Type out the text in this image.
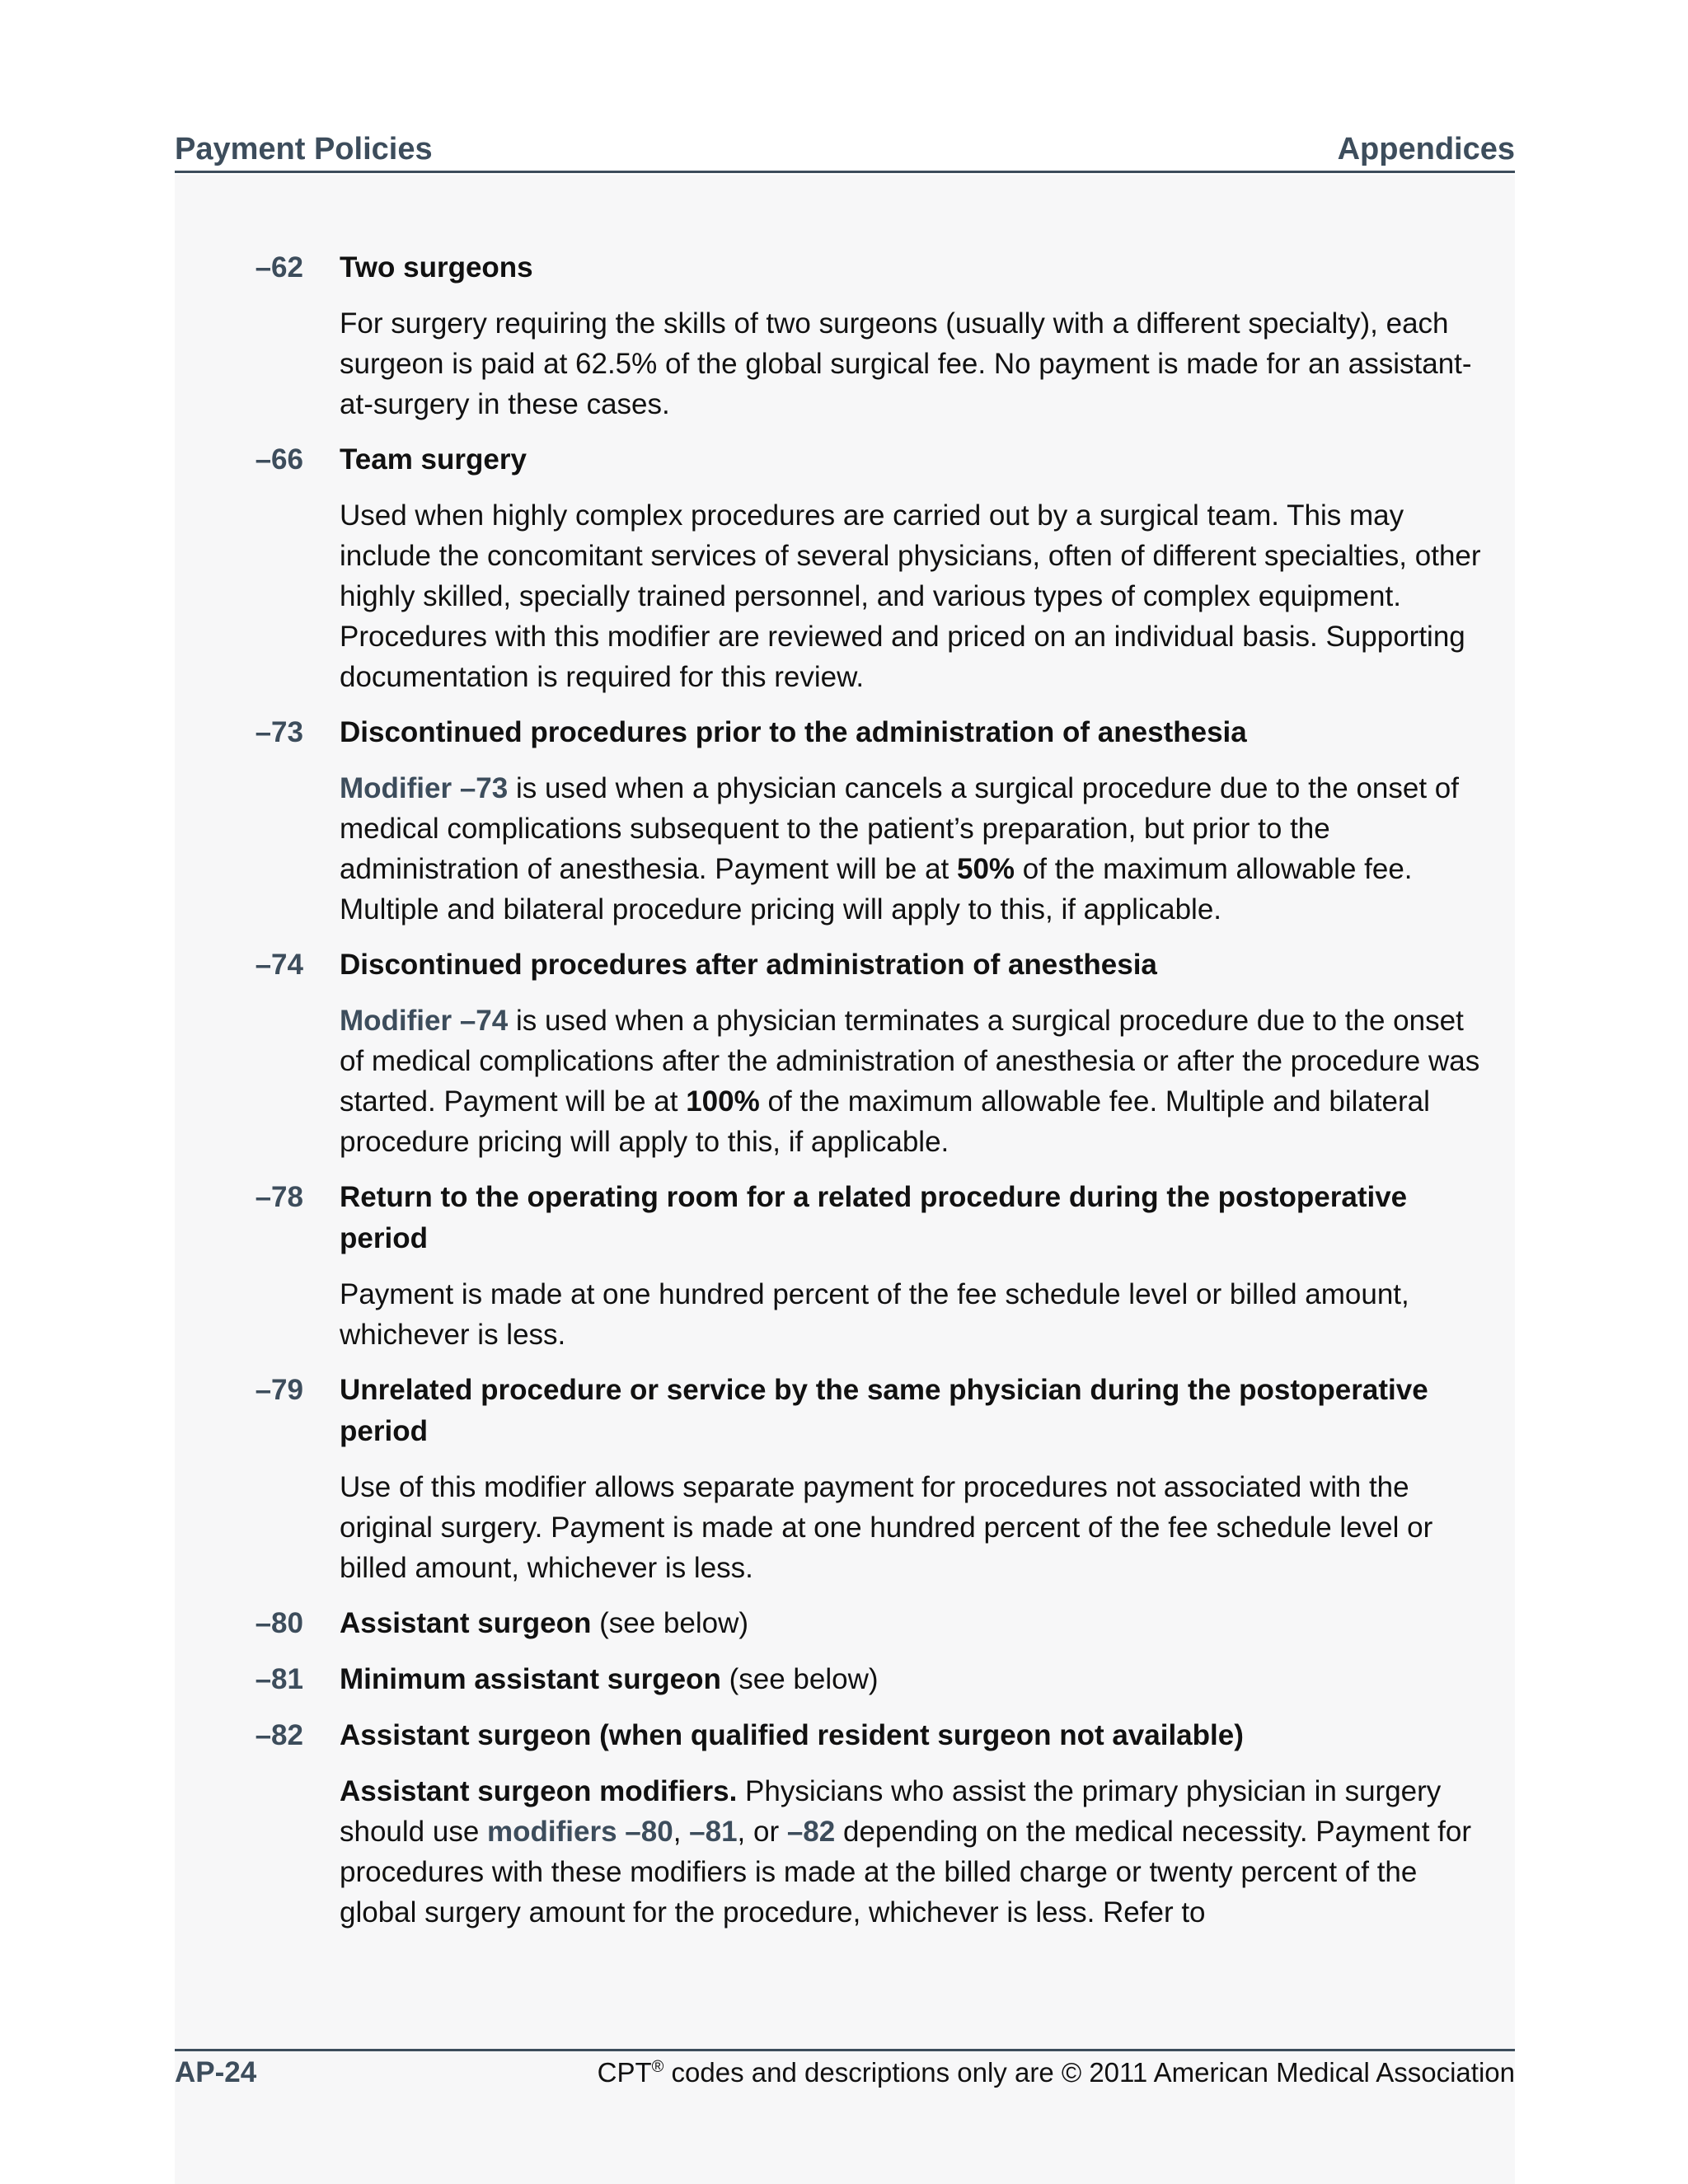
Payment Policies	Appendices
–62	Two surgeons
For surgery requiring the skills of two surgeons (usually with a different specialty), each surgeon is paid at 62.5% of the global surgical fee. No payment is made for an assistant-at-surgery in these cases.
–66	Team surgery
Used when highly complex procedures are carried out by a surgical team. This may include the concomitant services of several physicians, often of different specialties, other highly skilled, specially trained personnel, and various types of complex equipment. Procedures with this modifier are reviewed and priced on an individual basis. Supporting documentation is required for this review.
–73	Discontinued procedures prior to the administration of anesthesia
Modifier –73 is used when a physician cancels a surgical procedure due to the onset of medical complications subsequent to the patient’s preparation, but prior to the administration of anesthesia. Payment will be at 50% of the maximum allowable fee. Multiple and bilateral procedure pricing will apply to this, if applicable.
–74	Discontinued procedures after administration of anesthesia
Modifier –74 is used when a physician terminates a surgical procedure due to the onset of medical complications after the administration of anesthesia or after the procedure was started. Payment will be at 100% of the maximum allowable fee. Multiple and bilateral procedure pricing will apply to this, if applicable.
–78	Return to the operating room for a related procedure during the postoperative period
Payment is made at one hundred percent of the fee schedule level or billed amount, whichever is less.
–79	Unrelated procedure or service by the same physician during the postoperative period
Use of this modifier allows separate payment for procedures not associated with the original surgery. Payment is made at one hundred percent of the fee schedule level or billed amount, whichever is less.
–80	Assistant surgeon (see below)
–81	Minimum assistant surgeon (see below)
–82	Assistant surgeon (when qualified resident surgeon not available)
Assistant surgeon modifiers. Physicians who assist the primary physician in surgery should use modifiers –80, –81, or –82 depending on the medical necessity. Payment for procedures with these modifiers is made at the billed charge or twenty percent of the global surgery amount for the procedure, whichever is less. Refer to
AP-24	CPT® codes and descriptions only are © 2011 American Medical Association
